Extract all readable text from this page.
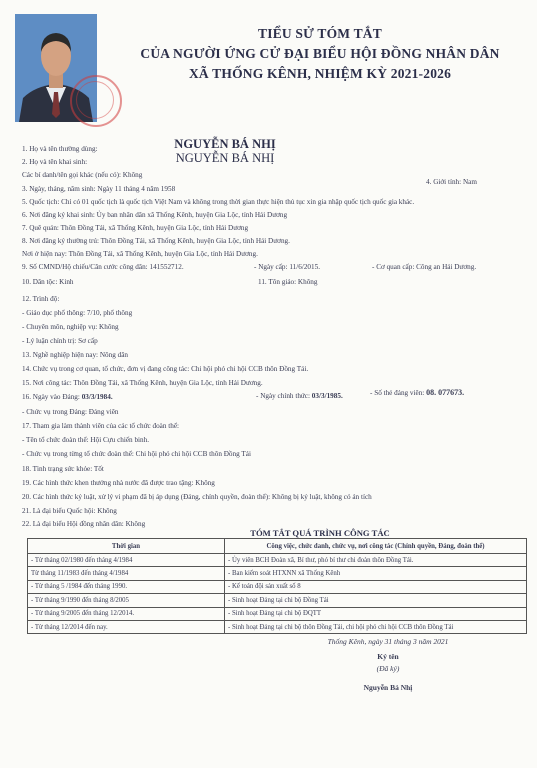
TIỂU SỬ TÓM TẮT
CỦA NGƯỜI ỨNG CỬ ĐẠI BIỂU HỘI ĐỒNG NHÂN DÂN
XÃ THỐNG KÊNH, NHIỆM KỲ 2021-2026
NGUYỄN BÁ NHỊ
NGUYỄN BÁ NHỊ
1. Họ và tên thường dùng:
2. Họ và tên khai sinh:
Các bí danh/tên gọi khác (nếu có): Không
4. Giới tính: Nam
3. Ngày, tháng, năm sinh: Ngày 11 tháng 4 năm 1958
5. Quốc tịch: Chỉ có 01 quốc tịch là quốc tịch Việt Nam và không trong thời gian thực hiện thủ tục xin gia nhập quốc tịch quốc gia khác.
6. Nơi đăng ký khai sinh: Ủy ban nhân dân xã Thống Kênh, huyện Gia Lộc, tỉnh Hải Dương
7. Quê quán: Thôn Đồng Tái, xã Thống Kênh, huyện Gia Lộc, tỉnh Hải Dương
8. Nơi đăng ký thường trú: Thôn Đồng Tái, xã Thống Kênh, huyện Gia Lộc, tỉnh Hải Dương.
Nơi ở hiện nay: Thôn Đồng Tái, xã Thống Kênh, huyện Gia Lộc, tỉnh Hải Dương.
9. Số CMND/Hộ chiếu/Căn cước công dân: 141552712.	- Ngày cấp: 11/6/2015.	- Cơ quan cấp: Công an Hải Dương.
10. Dân tộc: Kinh	11. Tôn giáo: Không
12. Trình độ:
- Giáo dục phổ thông: 7/10, phổ thông
- Chuyên môn, nghiệp vụ: Không
- Lý luận chính trị: Sơ cấp
13. Nghề nghiệp hiện nay: Nông dân
14. Chức vụ trong cơ quan, tổ chức, đơn vị đang công tác: Chi hội phó chi hội CCB thôn Đồng Tái.
15. Nơi công tác: Thôn Đồng Tái, xã Thống Kênh, huyện Gia Lộc, tỉnh Hải Dương.
16. Ngày vào Đảng: 03/3/1984.	- Ngày chính thức: 03/3/1985.	- Số thẻ đảng viên: 08. 077673.
- Chức vụ trong Đảng: Đảng viên
17. Tham gia làm thành viên của các tổ chức đoàn thể:
- Tên tổ chức đoàn thể: Hội Cựu chiến binh.
- Chức vụ trong từng tổ chức đoàn thể: Chi hội phó chi hội CCB thôn Đồng Tái
18. Tình trạng sức khỏe: Tốt
19. Các hình thức khen thưởng nhà nước đã được trao tặng: Không
20. Các hình thức kỷ luật, xử lý vi phạm đã bị áp dụng (Đảng, chính quyền, đoàn thể): Không bị kỷ luật, không có án tích
21. Là đại biểu Quốc hội: Không
22. Là đại biểu Hội đồng nhân dân: Không
TÓM TẮT QUÁ TRÌNH CÔNG TÁC
Thời gian	Công việc, chức danh, chức vụ, nơi công tác (Chính quyền, Đảng, đoàn thể)
- Từ tháng 02/1980 đến tháng 4/1984	- Ủy viên BCH Đoàn xã, Bí thư, phó bí thư chi đoàn thôn Đồng Tái.
Từ tháng 11/1983 đến tháng 4/1984	- Ban kiểm soát HTXNN xã Thống Kênh
- Từ tháng 5 /1984 đến tháng 1990.	- Kế toán đội sản xuất số 8
- Từ tháng 9/1990 đến tháng 8/2005	- Sinh hoạt Đảng tại chi bộ Đồng Tái
- Từ tháng 9/2005 đến tháng 12/2014.	- Sinh hoạt Đảng tại chi bộ ĐQTT
- Từ tháng 12/2014 đến nay.	- Sinh hoạt Đảng tại chi bộ thôn Đồng Tái, chi hội phó chi hội CCB thôn Đồng Tái
Thống Kênh, ngày 31 tháng 3 năm 2021
Ký tên
(Đã ký)
Nguyễn Bá Nhị
